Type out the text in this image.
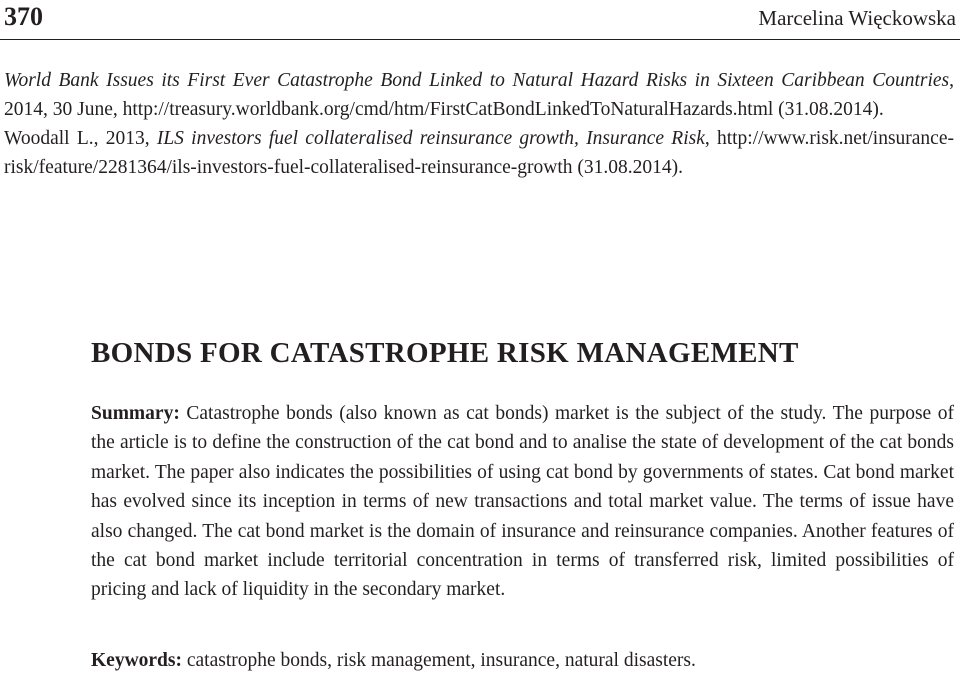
370	Marcelina Więckowska

World Bank Issues its First Ever Catastrophe Bond Linked to Natural Hazard Risks in Sixteen Caribbean Countries, 2014, 30 June, http://treasury.worldbank.org/cmd/htm/FirstCatBondLinkedToNaturalHazards.html (31.08.2014).

Woodall L., 2013, ILS investors fuel collateralised reinsurance growth, Insurance Risk, http://www.risk.net/insurance-risk/feature/2281364/ils-investors-fuel-collateralised-reinsurance-growth (31.08.2014).

BONDS FOR CATASTROPHE RISK MANAGEMENT

Summary: Catastrophe bonds (also known as cat bonds) market is the subject of the study. The purpose of the article is to define the construction of the cat bond and to analise the state of development of the cat bonds market. The paper also indicates the possibilities of using cat bond by governments of states. Cat bond market has evolved since its inception in terms of new transactions and total market value. The terms of issue have also changed. The cat bond market is the domain of insurance and reinsurance companies. Another features of the cat bond market include territorial concentration in terms of transferred risk, limited possibilities of pricing and lack of liquidity in the secondary market.

Keywords: catastrophe bonds, risk management, insurance, natural disasters.
